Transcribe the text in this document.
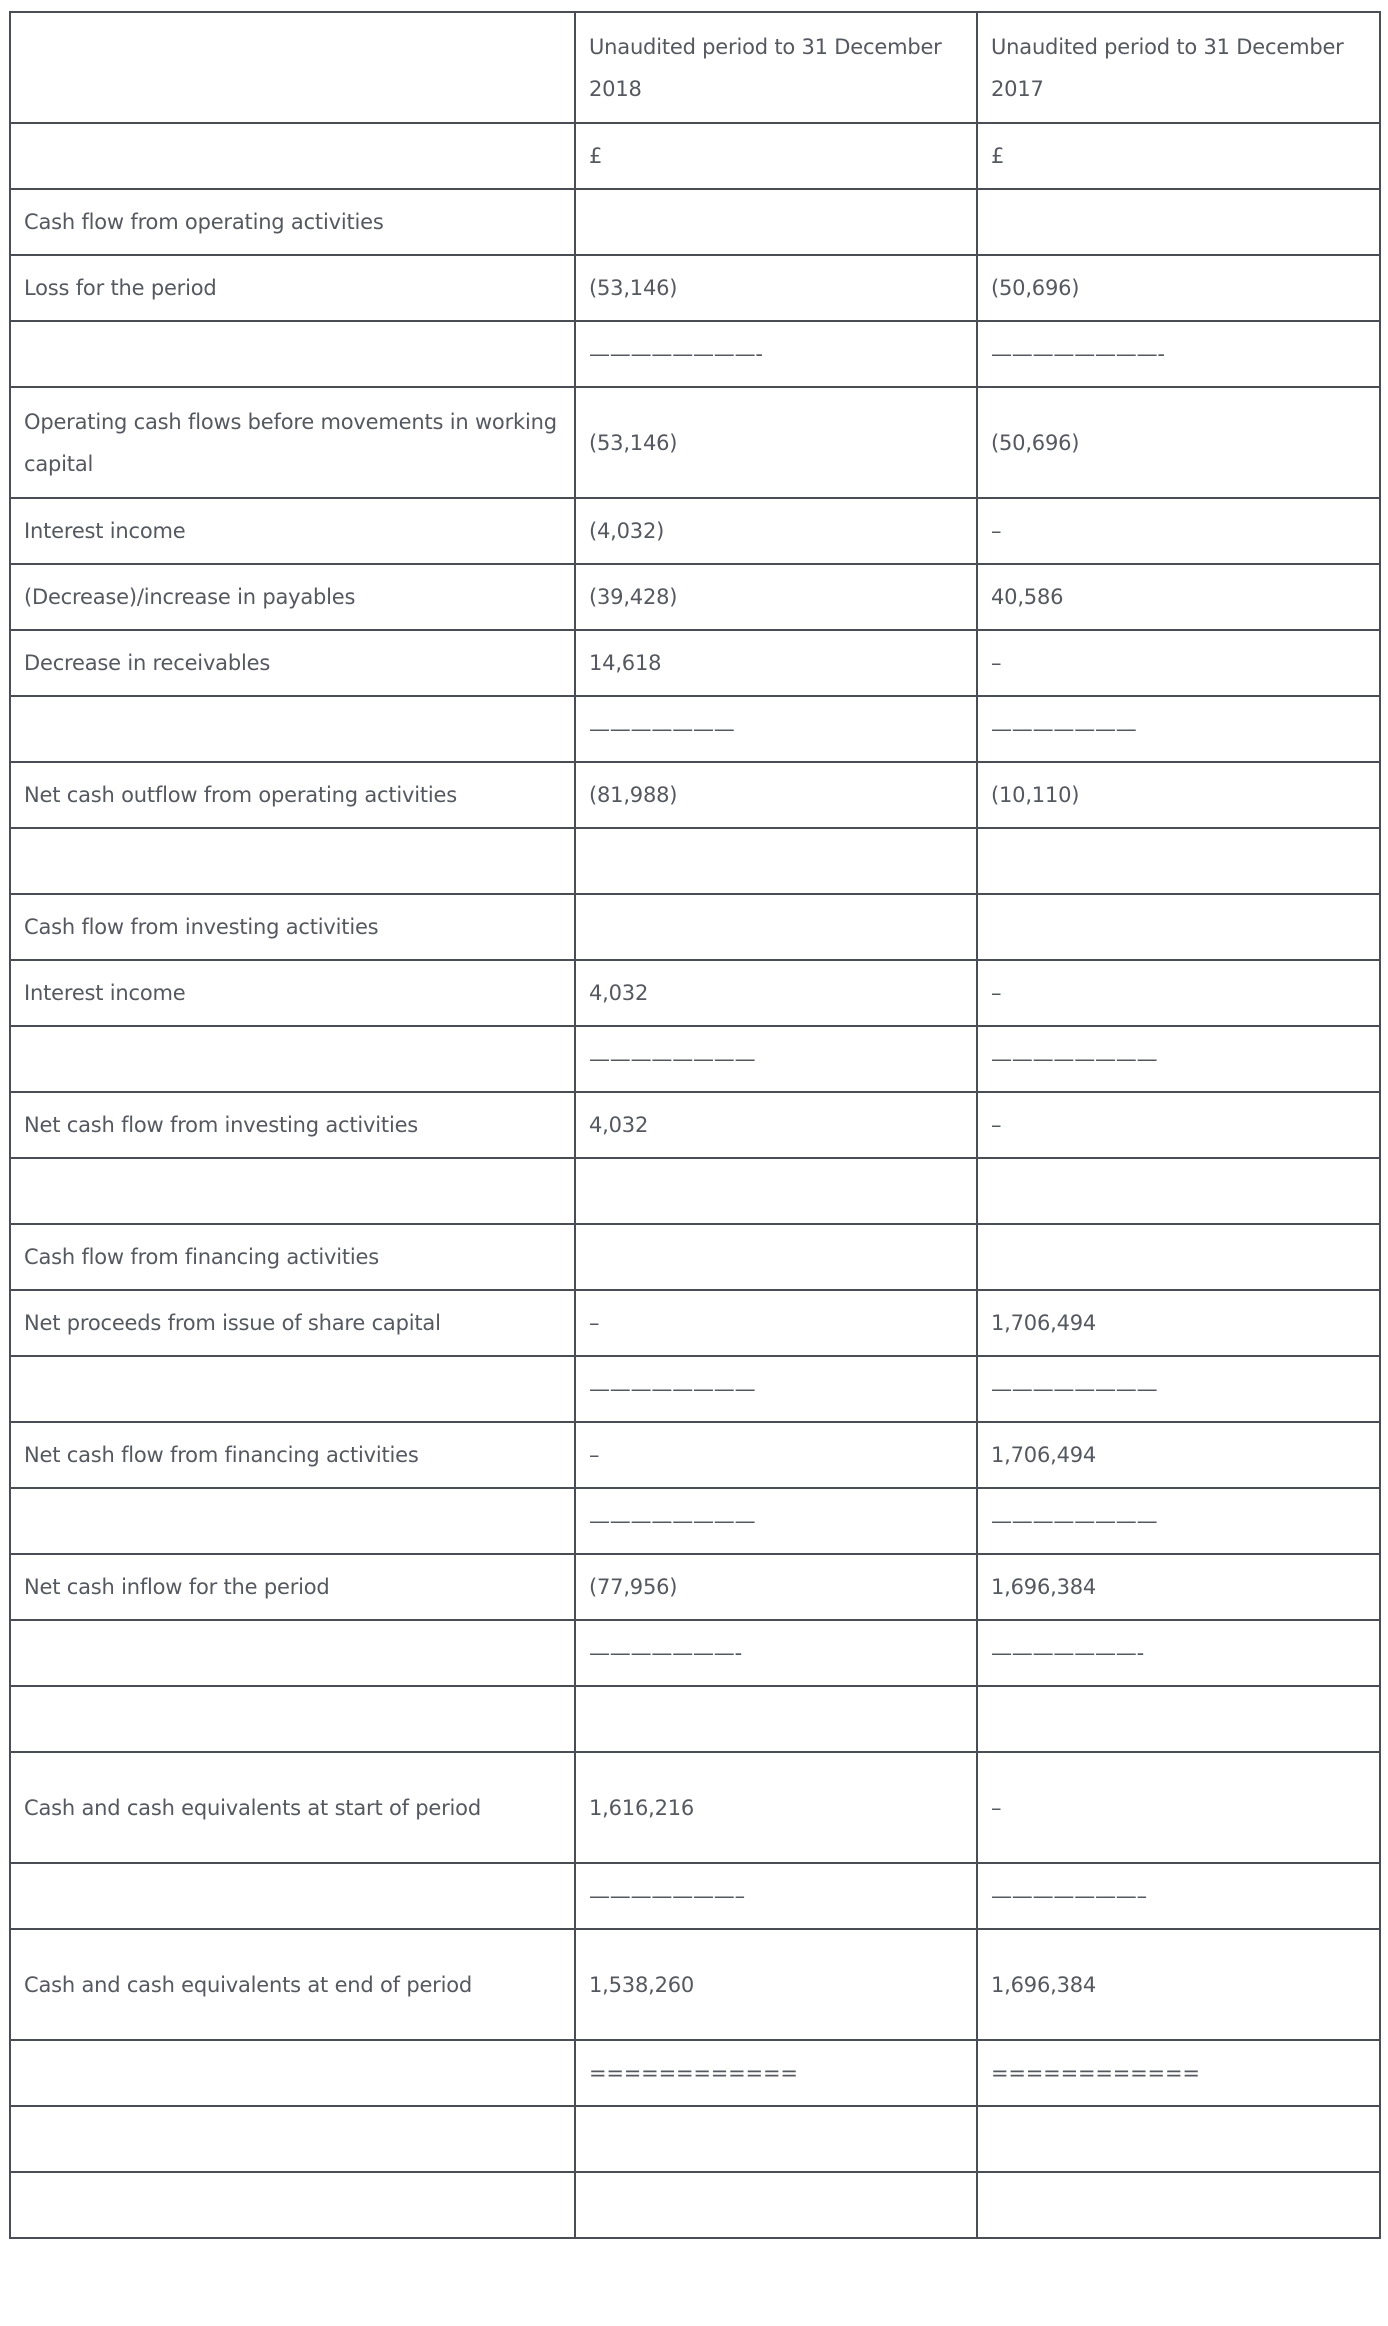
	Unaudited period to 31 December 2018	Unaudited period to 31 December 2017
	£	£
Cash flow from operating activities		
Loss for the period	(53,146)	(50,696)
	————————-	————————-
Operating cash flows before movements in working capital	(53,146)	(50,696)
Interest income	(4,032)	–
(Decrease)/increase in payables	(39,428)	40,586
Decrease in receivables	14,618	–
	———————	———————
Net cash outflow from operating activities	(81,988)	(10,110)

Cash flow from investing activities		
Interest income	4,032	–
	————————	————————
Net cash flow from investing activities	4,032	–

Cash flow from financing activities		
Net proceeds from issue of share capital	–	1,706,494
	————————	————————
Net cash flow from financing activities	–	1,706,494
	————————	————————
Net cash inflow for the period	(77,956)	1,696,384
	———————-	———————-

Cash and cash equivalents at start of period	1,616,216	–
	———————–	———————–
Cash and cash equivalents at end of period	1,538,260	1,696,384
	============	============
